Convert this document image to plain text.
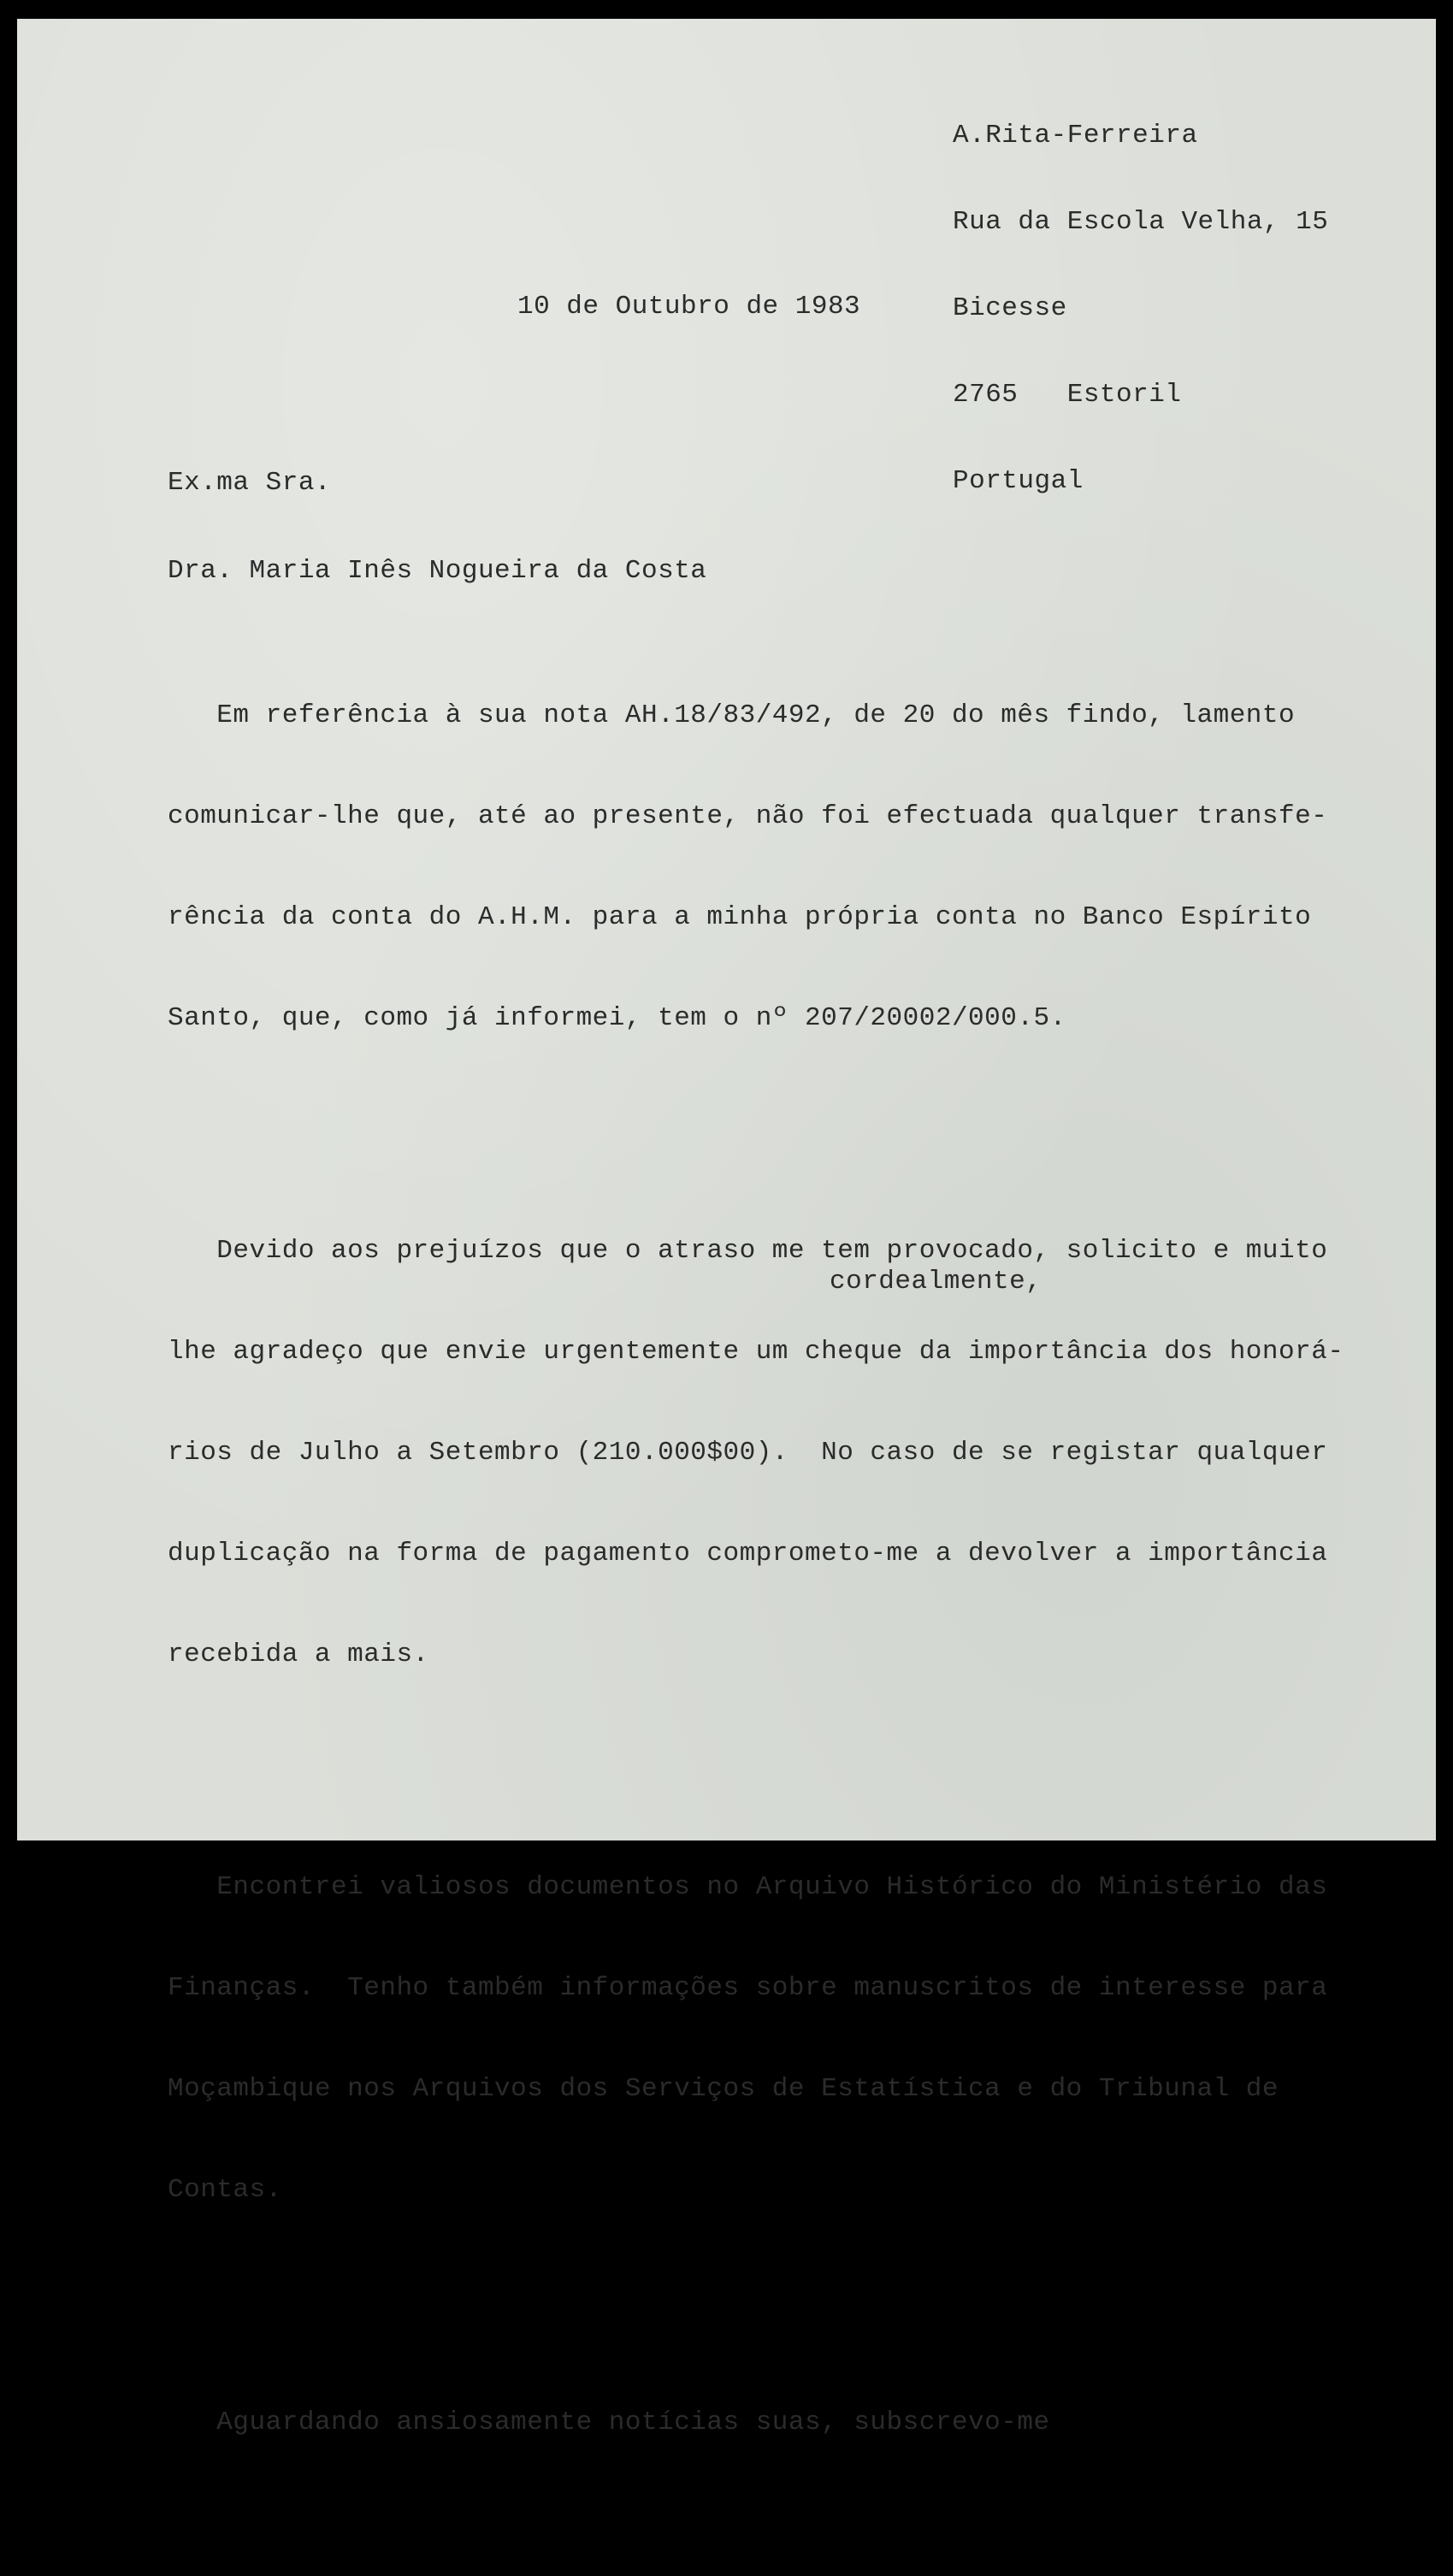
A.Rita-Ferreira

Rua da Escola Velha, 15

Bicesse

2765   Estoril

Portugal

10 de Outubro de 1983

Ex.ma Sra.

Dra. Maria Inês Nogueira da Costa

Em referência à sua nota AH.18/83/492, de 20 do mês findo, lamento

comunicar-lhe que, até ao presente, não foi efectuada qualquer transfe-

rência da conta do A.H.M. para a minha própria conta no Banco Espírito

Santo, que, como já informei, tem o nº 207/20002/000.5.

Devido aos prejuízos que o atraso me tem provocado, solicito e muito

lhe agradeço que envie urgentemente um cheque da importância dos honorá-

rios de Julho a Setembro (210.000$00).  No caso de se registar qualquer

duplicação na forma de pagamento comprometo-me a devolver a importância

recebida a mais.

Encontrei valiosos documentos no Arquivo Histórico do Ministério das

Finanças.  Tenho também informações sobre manuscritos de interesse para

Moçambique nos Arquivos dos Serviços de Estatística e do Tribunal de

Contas.

Aguardando ansiosamente notícias suas, subscrevo-me

cordealmente,
